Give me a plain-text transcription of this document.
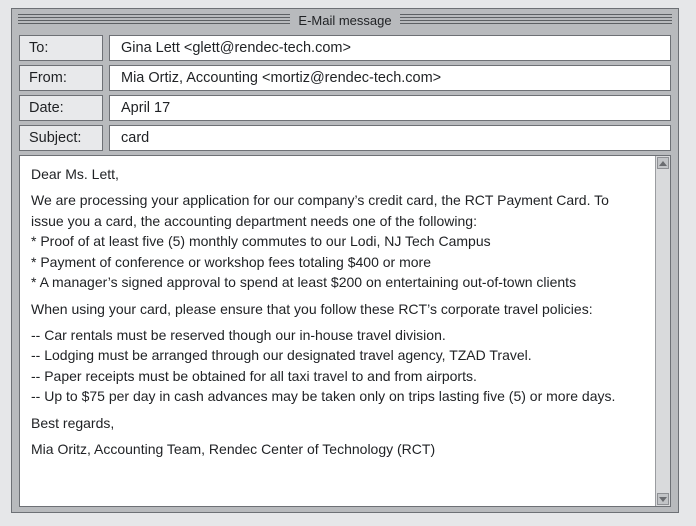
E-Mail message
To:	Gina Lett <glett@rendec-tech.com>
From:	Mia Ortiz, Accounting <mortiz@rendec-tech.com>
Date:	April 17
Subject:	card
Dear Ms. Lett,
We are processing your application for our company’s credit card, the RCT Payment Card. To
issue you a card, the accounting department needs one of the following:
* Proof of at least five (5) monthly commutes to our Lodi, NJ Tech Campus
* Payment of conference or workshop fees totaling $400 or more
* A manager’s signed approval to spend at least $200 on entertaining out-of-town clients
When using your card, please ensure that you follow these RCT’s corporate travel policies:
-- Car rentals must be reserved though our in-house travel division.
-- Lodging must be arranged through our designated travel agency, TZAD Travel.
-- Paper receipts must be obtained for all taxi travel to and from airports.
-- Up to $75 per day in cash advances may be taken only on trips lasting five (5) or more days.
Best regards,
Mia Oritz, Accounting Team, Rendec Center of Technology (RCT)
